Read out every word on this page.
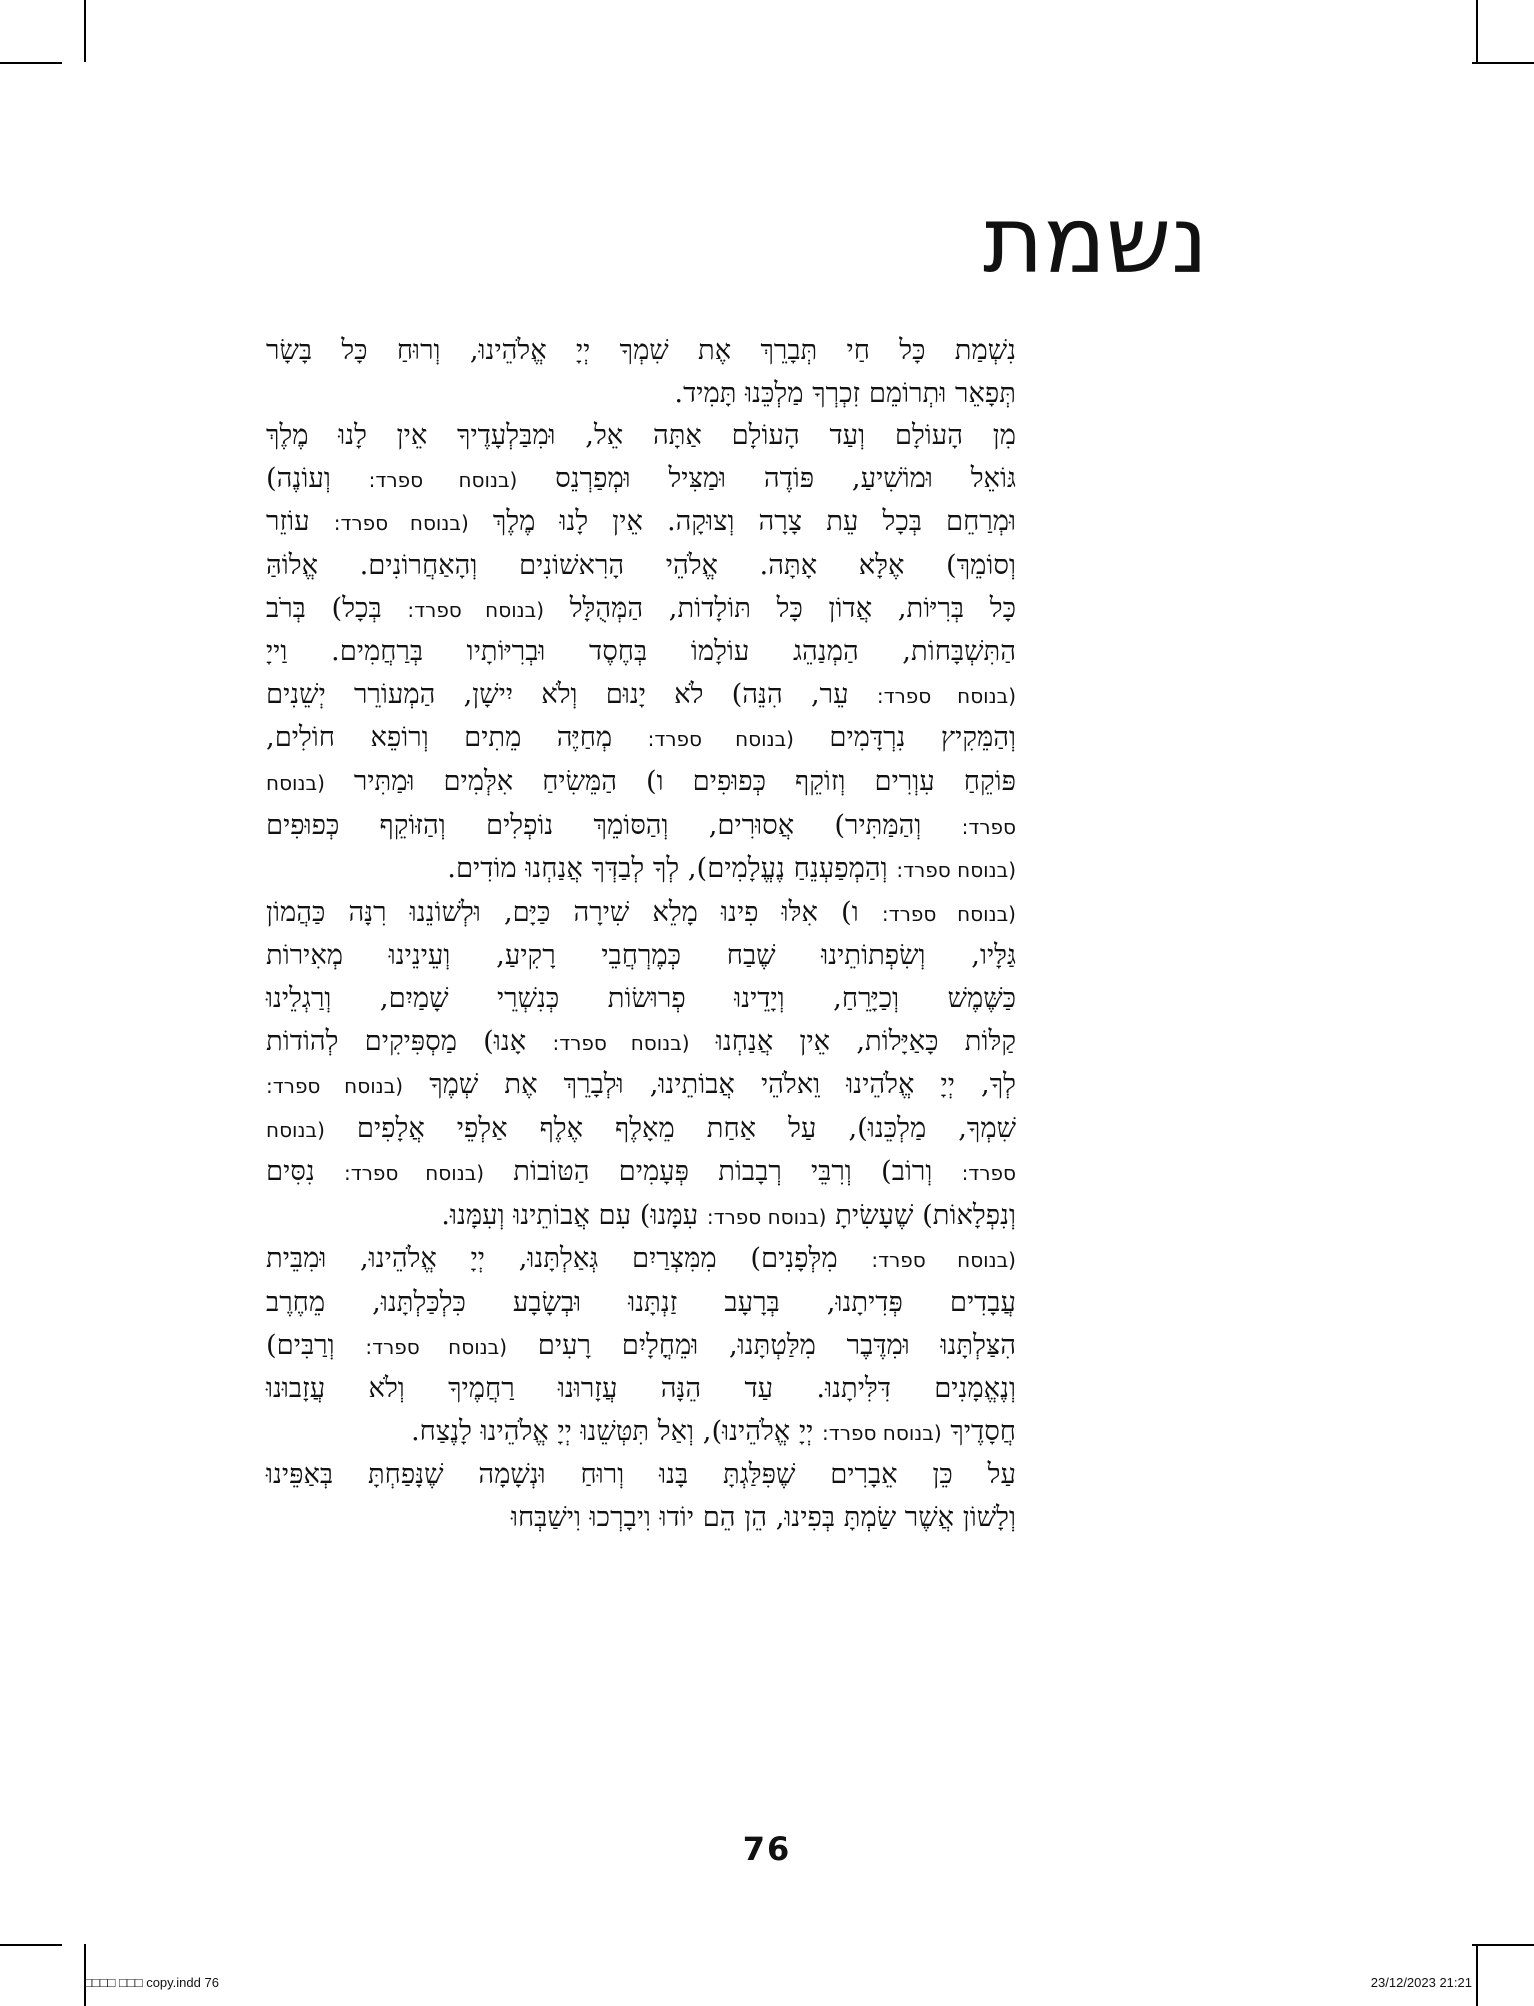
נשמת
נִשְׁמַת כָּל חַי תְּבָרֵךְ אֶת שִׁמְךָ יְיָ אֱלֹהֵינוּ, וְרוּחַ כָּל בָּשָׂר
תְּפָאֵר וּתְרוֹמֵם זִכְרְךָ מַלְכֵּנוּ תָּמִיד.
מִן הָעוֹלָם וְעַד הָעוֹלָם אַתָּה אֵל, וּמִבַּלְעָדֶיךָ אֵין לָנוּ מֶלֶךְ
גּוֹאֵל וּמוֹשִׁיעַ, פּוֹדֶה וּמַצִּיל וּמְפַרְנֵס (בנוסח ספרד: וְעוֹנֶה)
וּמְרַחֵם בְּכָל עֵת צָרָה וְצוּקָה. אֵין לָנוּ מֶלֶךְ (בנוסח ספרד: עוֹזֵר
וְסוֹמֵךְ) אֶלָּא אָתָּה. אֱלֹהֵי הָרִאשׁוֹנִים וְהָאַחֲרוֹנִים. אֱלוֹהַּ
כָּל בְּרִיּוֹת, אֲדוֹן כָּל תּוֹלָדוֹת, הַמְּהֻלָּל (בנוסח ספרד: בְּכָל) בְּרֹב
הַתִּשְׁבָּחוֹת, הַמְנַהֵג עוֹלָמוֹ בְּחֶסֶד וּבְרִיּוֹתָיו בְּרַחֲמִים. וַייָ
(בנוסח ספרד: עֵר, הִנֵּה) לֹא יָנוּם וְלֹא יִישָׁן, הַמְעוֹרֵר יְשֵׁנִים
וְהַמֵּקִיץ נִרְדָּמִים (בנוסח ספרד: מְחַיֶּה מֵתִים וְרוֹפֵא חוֹלִים,
פּוֹקֵחַ עִוְרִים וְזוֹקֵף כְּפוּפִים ו) הַמֵּשִׂיחַ אִלְּמִים וּמַתִּיר (בנוסח
ספרד: וְהַמַּתִּיר) אֲסוּרִים, וְהַסּוֹמֵךְ נוֹפְלִים וְהַזּוֹקֵף כְּפוּפִים
(בנוסח ספרד: וְהַמְפַעְנֵחַ נֶעֱלָמִים), לְךָ לְבַדְּךָ אֲנַחְנוּ מוֹדִים.
(בנוסח ספרד: ו) אִלּוּ פִינוּ מָלֵא שִׁירָה כַּיָּם, וּלְשׁוֹנֵנוּ רִנָּה כַּהֲמוֹן
גַּלָּיו, וְשִׂפְתוֹתֵינוּ שֶׁבַח כְּמֶרְחֲבֵי רָקִיעַ, וְעֵינֵינוּ מְאִירוֹת
כַּשֶּׁמֶשׁ וְכַיָּרֵחַ, וְיָדֵינוּ פְרוּשׂוֹת כְּנִשְׁרֵי שָׁמַיִם, וְרַגְלֵינוּ
קַלּוֹת כָּאַיָּלוֹת, אֵין אֲנַחְנוּ (בנוסח ספרד: אָנוּ) מַסְפִּיקִים לְהוֹדוֹת
לְךָ, יְיָ אֱלֹהֵינוּ וֵאלֹהֵי אֲבוֹתֵינוּ, וּלְבָרֵךְ אֶת שְׁמֶךָ (בנוסח ספרד:
שִׁמְךָ, מַלְכֵּנוּ), עַל אַחַת מֵאָלֶף אֶלֶף אַלְפֵי אֲלָפִים (בנוסח
ספרד: וְרוֹב) וְרִבֵּי רְבָבוֹת פְּעָמִים הַטּוֹבוֹת (בנוסח ספרד: נִסִּים
וְנִפְלָאוֹת) שֶׁעָשִׂיתָ (בנוסח ספרד: עִמָּנוּ) עִם אֲבוֹתֵינוּ וְעִמָּנוּ.
(בנוסח ספרד: מִלְּפָנִים) מִמִּצְרַיִם גְּאַלְתָּנוּ, יְיָ אֱלֹהֵינוּ, וּמִבֵּית
עֲבָדִים פְּדִיתָנוּ, בְּרָעָב זַנְתָּנוּ וּבְשָׂבָע כִּלְכַּלְתָּנוּ, מֵחֶרֶב
הִצַּלְתָּנוּ וּמִדֶּבֶר מִלַּטְתָּנוּ, וּמֵחֳלָיִם רָעִים (בנוסח ספרד: וְרַבִּים)
וְנֶאֱמָנִים דִּלִּיתָנוּ. עַד הֵנָּה עֲזָרוּנוּ רַחֲמֶיךָ וְלֹא עֲזָבוּנוּ
חֲסָדֶיךָ (בנוסח ספרד: יְיָ אֱלֹהֵינוּ), וְאַל תִּטְּשֵׁנוּ יְיָ אֱלֹהֵינוּ לָנֶצַח.
עַל כֵּן אֵבָרִים שֶׁפִּלַּגְתָּ בָּנוּ וְרוּחַ וּנְשָׁמָה שֶׁנָּפַחְתָּ בְּאַפֵּינוּ
וְלָשׁוֹן אֲשֶׁר שַׂמְתָּ בְּפִינוּ, הֵן הֵם יוֹדוּ וִיבָרְכוּ וִישַׁבְּחוּ
76
□□□□ □□□ copy.indd 76	23/12/2023 21:21
